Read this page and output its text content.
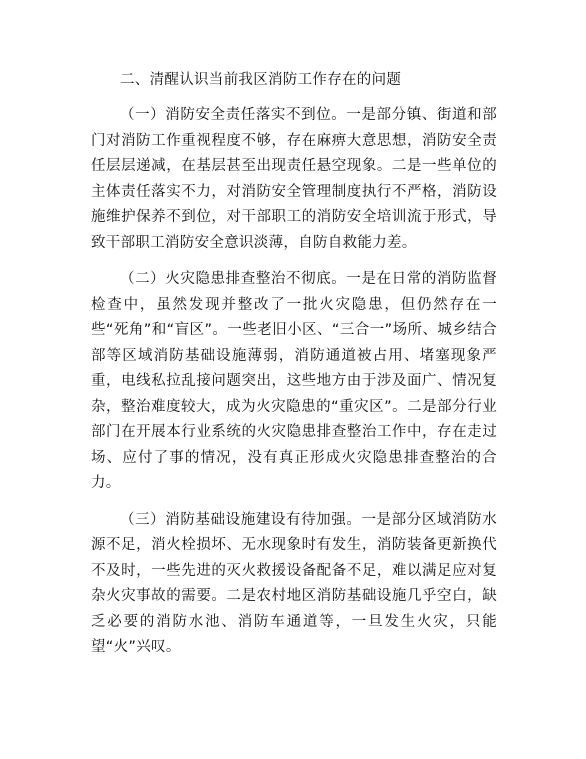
二、清醒认识当前我区消防工作存在的问题

（一）消防安全责任落实不到位。一是部分镇、街道和部门对消防工作重视程度不够，存在麻痹大意思想，消防安全责任层层递减，在基层甚至出现责任悬空现象。二是一些单位的主体责任落实不力，对消防安全管理制度执行不严格，消防设施维护保养不到位，对干部职工的消防安全培训流于形式，导致干部职工消防安全意识淡薄，自防自救能力差。

（二）火灾隐患排查整治不彻底。一是在日常的消防监督检查中，虽然发现并整改了一批火灾隐患，但仍然存在一些“死角”和“盲区”。一些老旧小区、“三合一”场所、城乡结合部等区域消防基础设施薄弱，消防通道被占用、堵塞现象严重，电线私拉乱接问题突出，这些地方由于涉及面广、情况复杂，整治难度较大，成为火灾隐患的“重灾区”。二是部分行业部门在开展本行业系统的火灾隐患排查整治工作中，存在走过场、应付了事的情况，没有真正形成火灾隐患排查整治的合力。

（三）消防基础设施建设有待加强。一是部分区域消防水源不足，消火栓损坏、无水现象时有发生，消防装备更新换代不及时，一些先进的灭火救援设备配备不足，难以满足应对复杂火灾事故的需要。二是农村地区消防基础设施几乎空白，缺乏必要的消防水池、消防车通道等，一旦发生火灾，只能望“火”兴叹。
